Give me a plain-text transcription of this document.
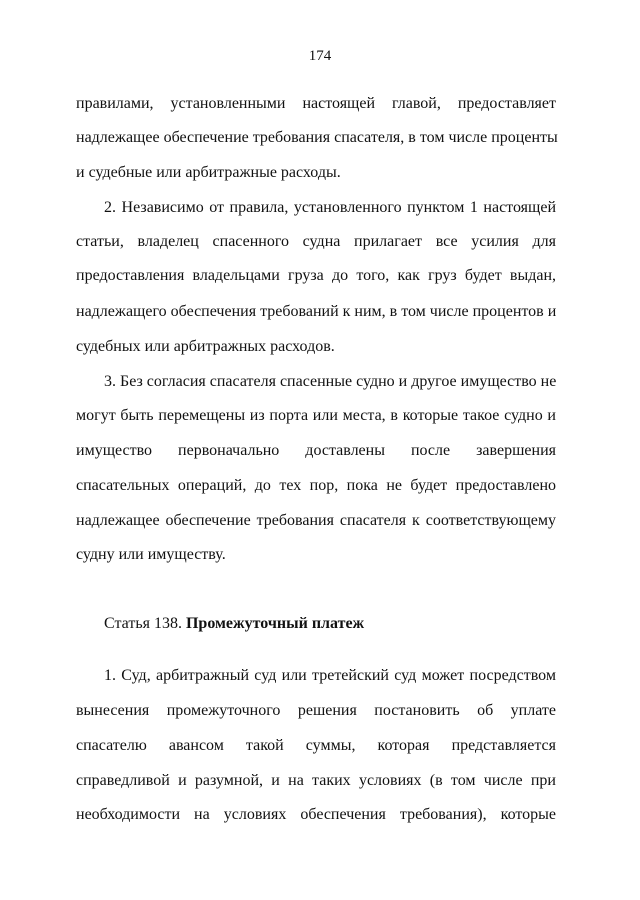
174
правилами, установленными настоящей главой, предоставляет
надлежащее обеспечение требования спасателя, в том числе проценты
и судебные или арбитражные расходы.
2. Независимо от правила, установленного пунктом 1 настоящей
статьи, владелец спасенного судна прилагает все усилия для
предоставления владельцами груза до того, как груз будет выдан,
надлежащего обеспечения требований к ним, в том числе процентов и
судебных или арбитражных расходов.
3. Без согласия спасателя спасенные судно и другое имущество не
могут быть перемещены из порта или места, в которые такое судно и
имущество первоначально доставлены после завершения
спасательных операций, до тех пор, пока не будет предоставлено
надлежащее обеспечение требования спасателя к соответствующему
судну или имуществу.
Статья 138. Промежуточный платеж
1. Суд, арбитражный суд или третейский суд может посредством
вынесения промежуточного решения постановить об уплате
спасателю авансом такой суммы, которая представляется
справедливой и разумной, и на таких условиях (в том числе при
необходимости на условиях обеспечения требования), которые
